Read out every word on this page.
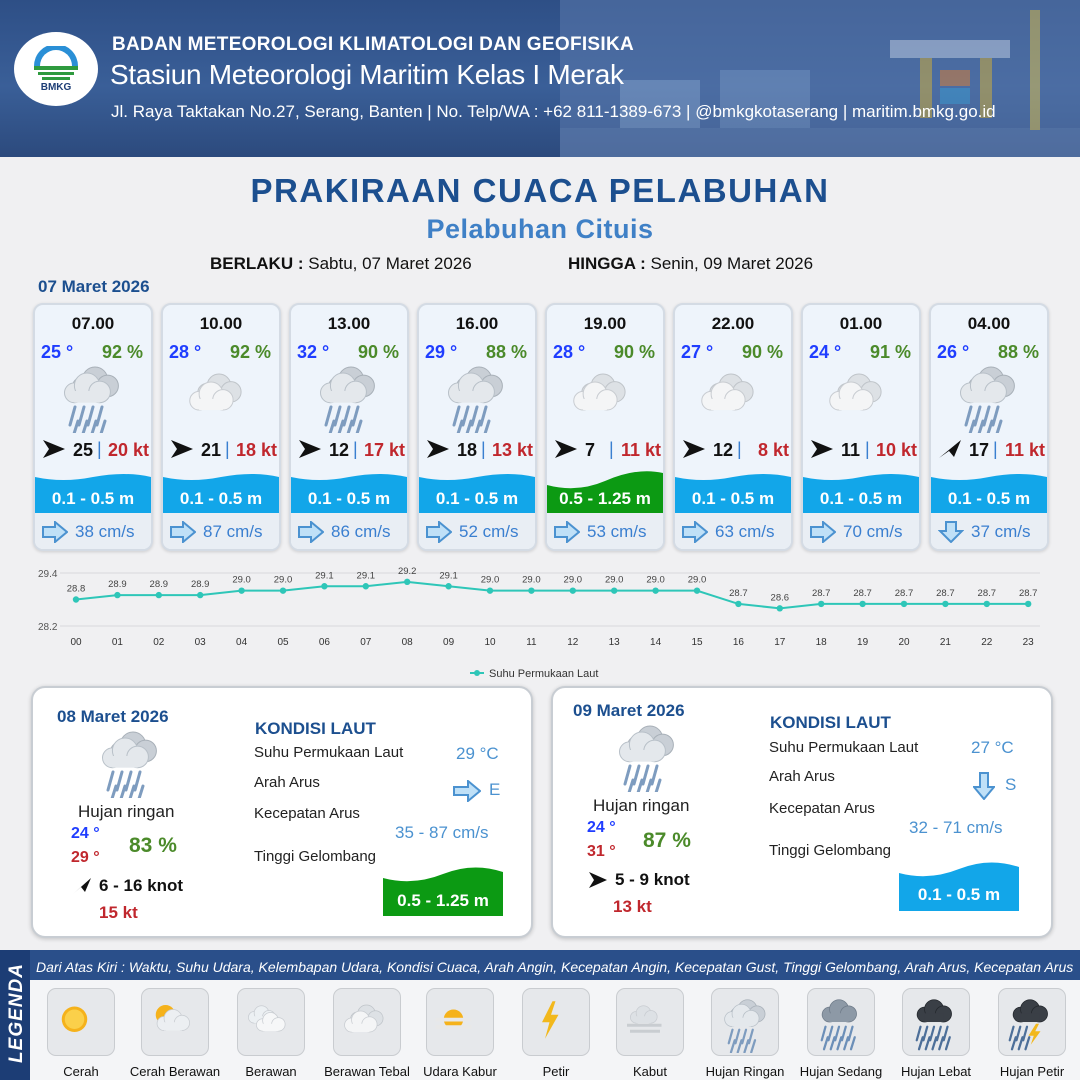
BMKG
BADAN METEOROLOGI KLIMATOLOGI DAN GEOFISIKA
Stasiun Meteorologi Maritim Kelas I Merak
Jl. Raya Taktakan No.27, Serang, Banten | No. Telp/WA : +62 811-1389-673 | @bmkgkotaserang | maritim.bmkg.go.id
PRAKIRAAN CUACA PELABUHAN
Pelabuhan Cituis
BERLAKU : Sabtu, 07 Maret 2026	HINGGA : Senin, 09 Maret 2026
07 Maret 2026
07.00
25 ° 92 %
25 | 20 kt
0.1 - 0.5 m
38 cm/s
10.00
28 ° 92 %
21 | 18 kt
0.1 - 0.5 m
87 cm/s
13.00
32 ° 90 %
12 | 17 kt
0.1 - 0.5 m
86 cm/s
16.00
29 ° 88 %
18 | 13 kt
0.1 - 0.5 m
52 cm/s
19.00
28 ° 90 %
7 | 11 kt
0.5 - 1.25 m
53 cm/s
22.00
27 ° 90 %
12 | 8 kt
0.1 - 0.5 m
63 cm/s
01.00
24 ° 91 %
11 | 10 kt
0.1 - 0.5 m
70 cm/s
04.00
26 ° 88 %
17 | 11 kt
0.1 - 0.5 m
37 cm/s
29.4
28.2
28.8
00
28.9
01
28.9
02
28.9
03
29.0
04
29.0
05
29.1
06
29.1
07
29.2
08
29.1
09
29.0
10
29.0
11
29.0
12
29.0
13
29.0
14
29.0
15
28.7
16
28.6
17
28.7
18
28.7
19
28.7
20
28.7
21
28.7
22
28.7
23
Suhu Permukaan Laut
08 Maret 2026
Hujan ringan
24 °
29 °
83 %
6 - 16 knot
15 kt
KONDISI LAUT
Suhu Permukaan Laut	29 °C
Arah Arus	E
Kecepatan Arus
35 - 87 cm/s
Tinggi Gelombang
0.5 - 1.25 m
09 Maret 2026
Hujan ringan
24 °
31 ° 87 %
5 - 9 knot
13 kt
KONDISI LAUT
Suhu Permukaan Laut	27 °C
Arah Arus	S
Kecepatan Arus
32 - 71 cm/s
Tinggi Gelombang
0.1 - 0.5 m
LEGENDA Dari Atas Kiri : Waktu, Suhu Udara, Kelembapan Udara, Kondisi Cuaca, Arah Angin, Kecepatan Angin, Kecepatan Gust, Tinggi Gelombang, Arah Arus, Kecepatan Arus
Cerah	Cerah Berawan	Berawan	Berawan Tebal	Udara Kabur	Petir	Kabut	Hujan Ringan	Hujan Sedang	Hujan Lebat	Hujan Petir
